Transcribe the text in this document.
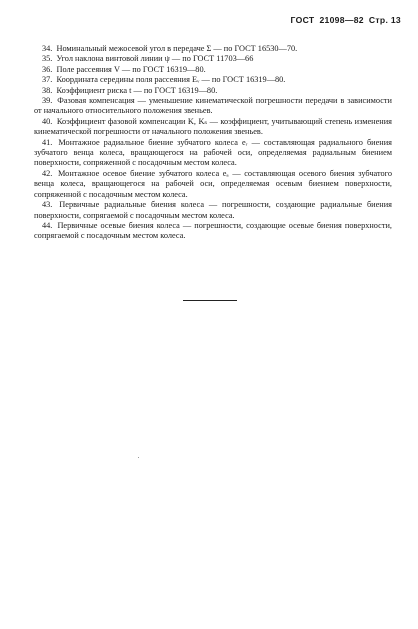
ГОСТ 21098—82 Стр. 13

34. Номинальный межосевой угол в передаче Σ — по ГОСТ 16530—70.

35. Угол наклона винтовой линии ψ — по ГОСТ 11703—66

36. Поле рассеяния V — по ГОСТ 16319—80.

37. Координата середины поля рассеяния Eᵥ — по ГОСТ 16319—80.

38. Коэффициент риска t — по ГОСТ 16319—80.

39. Фазовая компенсация — уменьшение кинематической погрешности передачи в зависимости от начального относительного положения звеньев.

40. Коэффициент фазовой компенсации K, Kₛ — коэффициент, учитывающий степень изменения кинематической погрешности от начального положения звеньев.

41. Монтажное радиальное биение зубчатого колеса eᵣ — составляющая радиального биения зубчатого венца колеса, вращающегося на рабочей оси, определяемая радиальным биением поверхности, сопряженной с посадочным местом колеса.

42. Монтажное осевое биение зубчатого колеса eₐ — составляющая осевого биения зубчатого венца колеса, вращающегося на рабочей оси, определяемая осевым биением поверхности, сопряженной с посадочным местом колеса.

43. Первичные радиальные биения колеса — погрешности, создающие радиальные биения поверхности, сопрягаемой с посадочным местом колеса.

44. Первичные осевые биения колеса — погрешности, создающие осевые биения поверхности, сопрягаемой с посадочным местом колеса.
